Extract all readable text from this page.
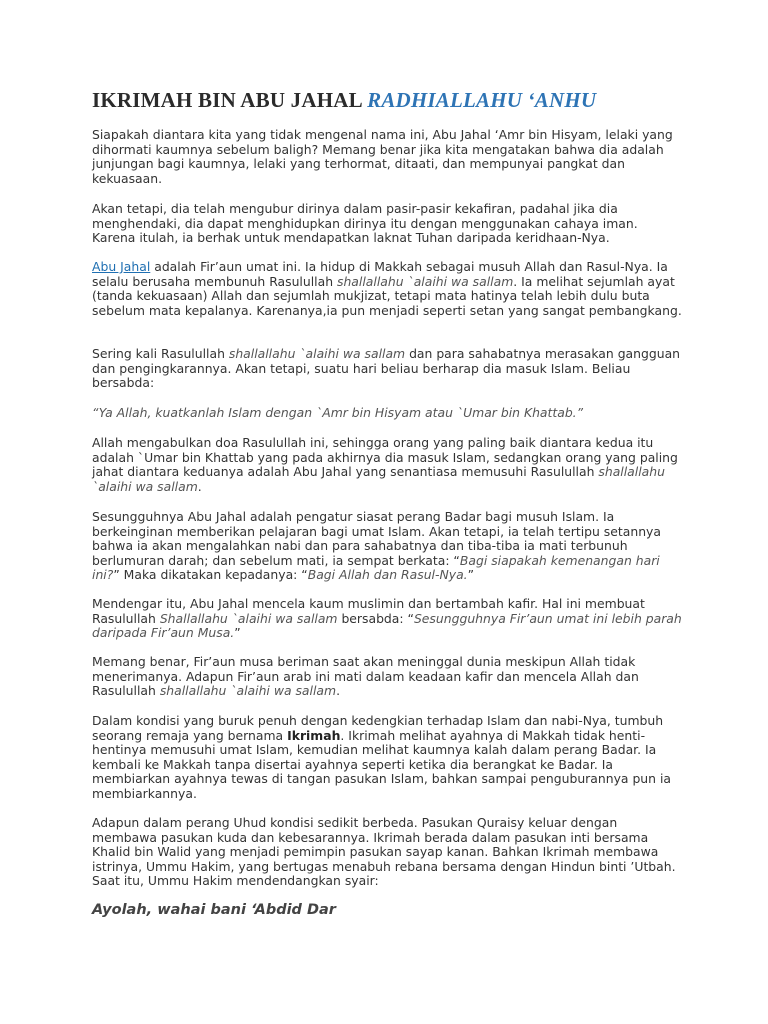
IKRIMAH BIN ABU JAHAL RADHIALLAHU ‘ANHU

Siapakah diantara kita yang tidak mengenal nama ini, Abu Jahal ‘Amr bin Hisyam, lelaki yang dihormati kaumnya sebelum baligh? Memang benar jika kita mengatakan bahwa dia adalah junjungan bagi kaumnya, lelaki yang terhormat, ditaati, dan mempunyai pangkat dan kekuasaan.

Akan tetapi, dia telah mengubur dirinya dalam pasir-pasir kekafiran, padahal jika dia menghendaki, dia dapat menghidupkan dirinya itu dengan menggunakan cahaya iman. Karena itulah, ia berhak untuk mendapatkan laknat Tuhan daripada keridhaan-Nya.

Abu Jahal adalah Fir’aun umat ini. Ia hidup di Makkah sebagai musuh Allah dan Rasul-Nya. Ia selalu berusaha membunuh Rasulullah shallallahu `alaihi wa sallam. Ia melihat sejumlah ayat (tanda kekuasaan) Allah dan sejumlah mukjizat, tetapi mata hatinya telah lebih dulu buta sebelum mata kepalanya. Karenanya,ia pun menjadi seperti setan yang sangat pembangkang.

Sering kali Rasulullah shallallahu `alaihi wa sallam dan para sahabatnya merasakan gangguan dan pengingkarannya. Akan tetapi, suatu hari beliau berharap dia masuk Islam. Beliau bersabda:

“Ya Allah, kuatkanlah Islam dengan `Amr bin Hisyam atau `Umar bin Khattab.”

Allah mengabulkan doa Rasulullah ini, sehingga orang yang paling baik diantara kedua itu adalah `Umar bin Khattab yang pada akhirnya dia masuk Islam, sedangkan orang yang paling jahat diantara keduanya adalah Abu Jahal yang senantiasa memusuhi Rasulullah shallallahu `alaihi wa sallam.

Sesungguhnya Abu Jahal adalah pengatur siasat perang Badar bagi musuh Islam. Ia berkeinginan memberikan pelajaran bagi umat Islam. Akan tetapi, ia telah tertipu setannya bahwa ia akan mengalahkan nabi dan para sahabatnya dan tiba-tiba ia mati terbunuh berlumuran darah; dan sebelum mati, ia sempat berkata: “Bagi siapakah kemenangan hari ini?” Maka dikatakan kepadanya: “Bagi Allah dan Rasul-Nya.”

Mendengar itu, Abu Jahal mencela kaum muslimin dan bertambah kafir. Hal ini membuat Rasulullah Shallallahu `alaihi wa sallam bersabda: “Sesungguhnya Fir’aun umat ini lebih parah daripada Fir’aun Musa.”

Memang benar, Fir’aun musa beriman saat akan meninggal dunia meskipun Allah tidak menerimanya. Adapun Fir’aun arab ini mati dalam keadaan kafir dan mencela Allah dan Rasulullah shallallahu `alaihi wa sallam.

Dalam kondisi yang buruk penuh dengan kedengkian terhadap Islam dan nabi-Nya, tumbuh seorang remaja yang bernama Ikrimah. Ikrimah melihat ayahnya di Makkah tidak henti-hentinya memusuhi umat Islam, kemudian melihat kaumnya kalah dalam perang Badar. Ia kembali ke Makkah tanpa disertai ayahnya seperti ketika dia berangkat ke Badar. Ia membiarkan ayahnya tewas di tangan pasukan Islam, bahkan sampai penguburannya pun ia membiarkannya.

Adapun dalam perang Uhud kondisi sedikit berbeda. Pasukan Quraisy keluar dengan membawa pasukan kuda dan kebesarannya. Ikrimah berada dalam pasukan inti bersama Khalid bin Walid yang menjadi pemimpin pasukan sayap kanan. Bahkan Ikrimah membawa istrinya, Ummu Hakim, yang bertugas menabuh rebana bersama dengan Hindun binti ’Utbah. Saat itu, Ummu Hakim mendendangkan syair:

Ayolah, wahai bani ‘Abdid Dar
